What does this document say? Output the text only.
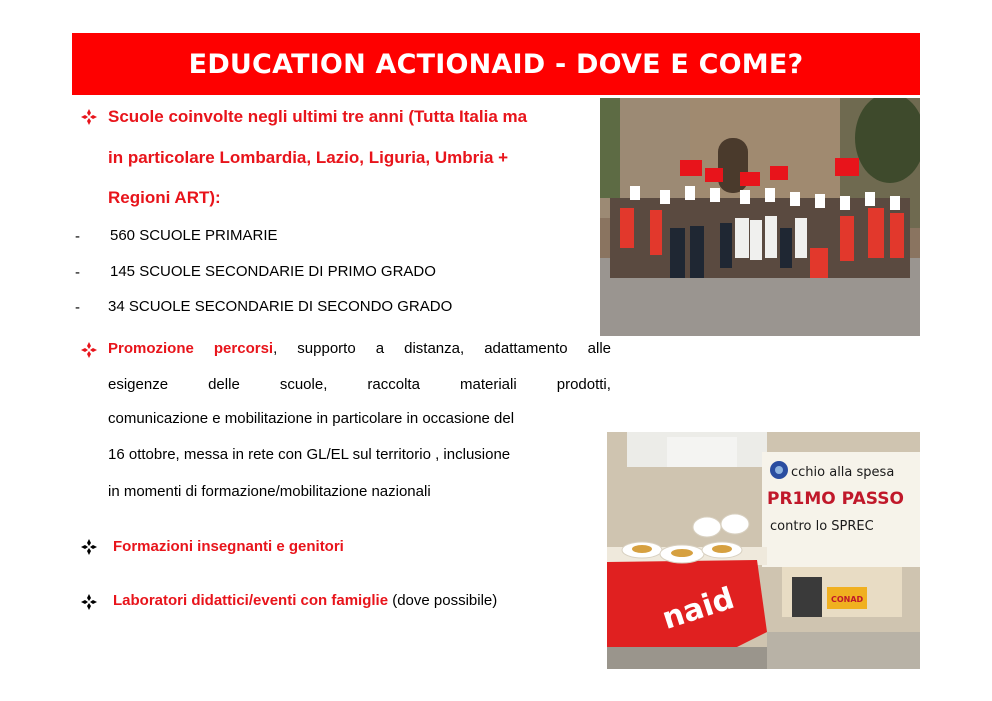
EDUCATION ACTIONAID - DOVE E COME?
Scuole coinvolte negli ultimi tre anni (Tutta Italia ma
in particolare Lombardia, Lazio, Liguria, Umbria +
Regioni ART):
- 560 SCUOLE PRIMARIE
- 145 SCUOLE SECONDARIE DI PRIMO GRADO
- 34 SCUOLE SECONDARIE DI SECONDO GRADO
Promozione percorsi, supporto a distanza, adattamento alle
esigenze	delle	scuole,	raccolta	materiali	prodotti,
comunicazione e mobilitazione in particolare in occasione del
16 ottobre, messa in rete con GL/EL sul territorio , inclusione
in momenti di formazione/mobilitazione nazionali
Formazioni insegnanti e genitori
Laboratori didattici/eventi con famiglie (dove possibile)
cchio alla spesa
PR1MO PASSO
contro lo SPREC
naid	CONAD
